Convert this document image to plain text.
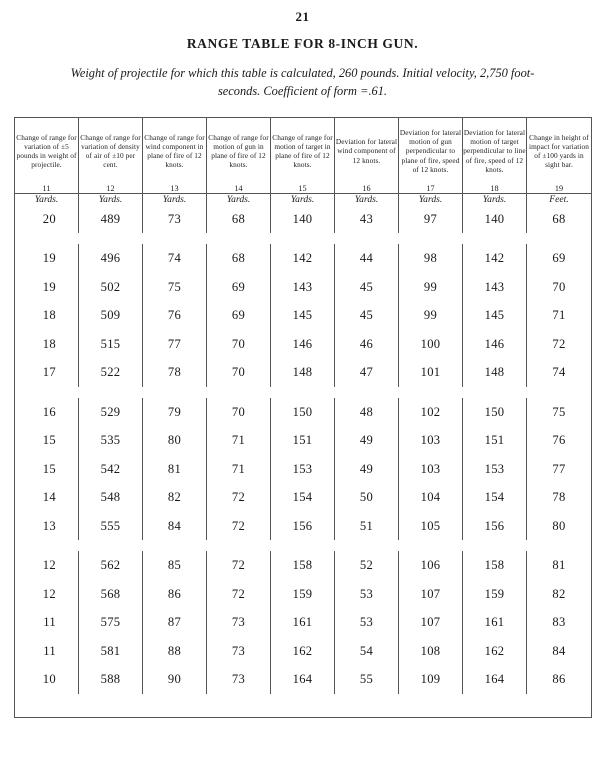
21
RANGE TABLE FOR 8-INCH GUN.
Weight of projectile for which this table is calculated, 260 pounds. Initial velocity, 2,750 foot-
seconds. Coefficient of form =.61.
Change of range for variation of ±5 pounds in weight of projectile.	Change of range for variation of density of air of ±10 per cent.	Change of range for wind component in plane of fire of 12 knots.	Change of range for motion of gun in plane of fire of 12 knots.	Change of range for motion of target in plane of fire of 12 knots.	Deviation for lateral wind component of 12 knots.	Deviation for lateral motion of gun perpendicular to plane of fire, speed of 12 knots.	Deviation for lateral motion of target perpendicular to line of fire, speed of 12 knots.	Change in height of impact for variation of ±100 yards in sight bar.
11	12	13	14	15	16	17	18	19
Yards.	Yards.	Yards.	Yards.	Yards.	Yards.	Yards.	Yards.	Feet.
20	489	73	68	140	43	97	140	68

19	496	74	68	142	44	98	142	69
19	502	75	69	143	45	99	143	70
18	509	76	69	145	45	99	145	71
18	515	77	70	146	46	100	146	72
17	522	78	70	148	47	101	148	74

16	529	79	70	150	48	102	150	75
15	535	80	71	151	49	103	151	76
15	542	81	71	153	49	103	153	77
14	548	82	72	154	50	104	154	78
13	555	84	72	156	51	105	156	80

12	562	85	72	158	52	106	158	81
12	568	86	72	159	53	107	159	82
11	575	87	73	161	53	107	161	83
11	581	88	73	162	54	108	162	84
10	588	90	73	164	55	109	164	86
